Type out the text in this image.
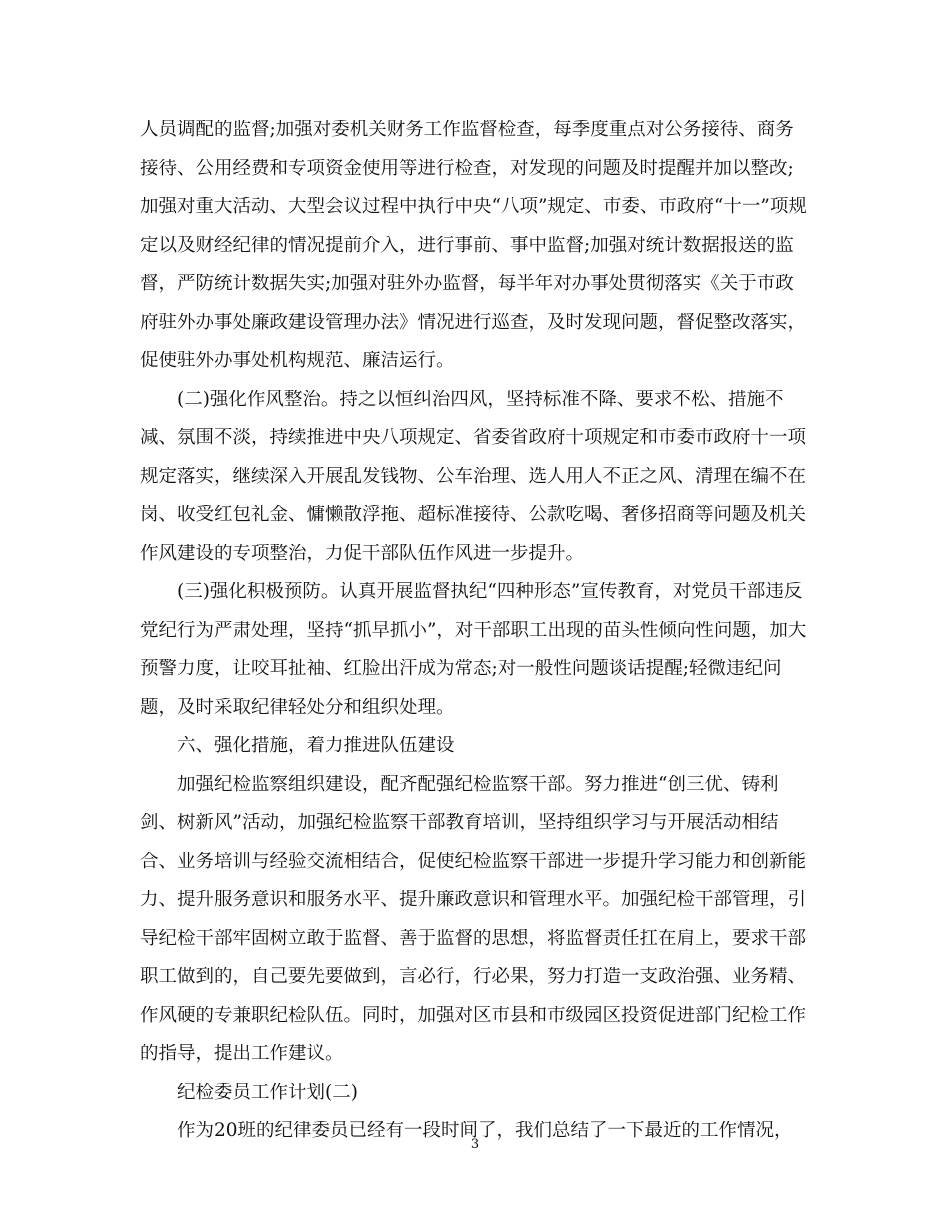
人员调配的监督;加强对委机关财务工作监督检查，每季度重点对公务接待、商务
接待、公用经费和专项资金使用等进行检查，对发现的问题及时提醒并加以整改;
加强对重大活动、大型会议过程中执行中央“八项”规定、市委、市政府“十一”项规
定以及财经纪律的情况提前介入，进行事前、事中监督;加强对统计数据报送的监
督，严防统计数据失实;加强对驻外办监督，每半年对办事处贯彻落实《关于市政
府驻外办事处廉政建设管理办法》情况进行巡查，及时发现问题，督促整改落实，
促使驻外办事处机构规范、廉洁运行。
(二)强化作风整治。持之以恒纠治四风，坚持标准不降、要求不松、措施不
减、氛围不淡，持续推进中央八项规定、省委省政府十项规定和市委市政府十一项
规定落实，继续深入开展乱发钱物、公车治理、选人用人不正之风、清理在编不在
岗、收受红包礼金、慵懒散浮拖、超标准接待、公款吃喝、奢侈招商等问题及机关
作风建设的专项整治，力促干部队伍作风进一步提升。
(三)强化积极预防。认真开展监督执纪“四种形态”宣传教育，对党员干部违反
党纪行为严肃处理，坚持“抓早抓小”，对干部职工出现的苗头性倾向性问题，加大
预警力度，让咬耳扯袖、红脸出汗成为常态;对一般性问题谈话提醒;轻微违纪问
题，及时采取纪律轻处分和组织处理。
六、强化措施，着力推进队伍建设
加强纪检监察组织建设，配齐配强纪检监察干部。努力推进“创三优、铸利
剑、树新风”活动，加强纪检监察干部教育培训，坚持组织学习与开展活动相结
合、业务培训与经验交流相结合，促使纪检监察干部进一步提升学习能力和创新能
力、提升服务意识和服务水平、提升廉政意识和管理水平。加强纪检干部管理，引
导纪检干部牢固树立敢于监督、善于监督的思想，将监督责任扛在肩上，要求干部
职工做到的，自己要先要做到，言必行，行必果，努力打造一支政治强、业务精、
作风硬的专兼职纪检队伍。同时，加强对区市县和市级园区投资促进部门纪检工作
的指导，提出工作建议。
纪检委员工作计划(二)
作为20班的纪律委员已经有一段时间了，我们总结了一下最近的工作情况，
3
